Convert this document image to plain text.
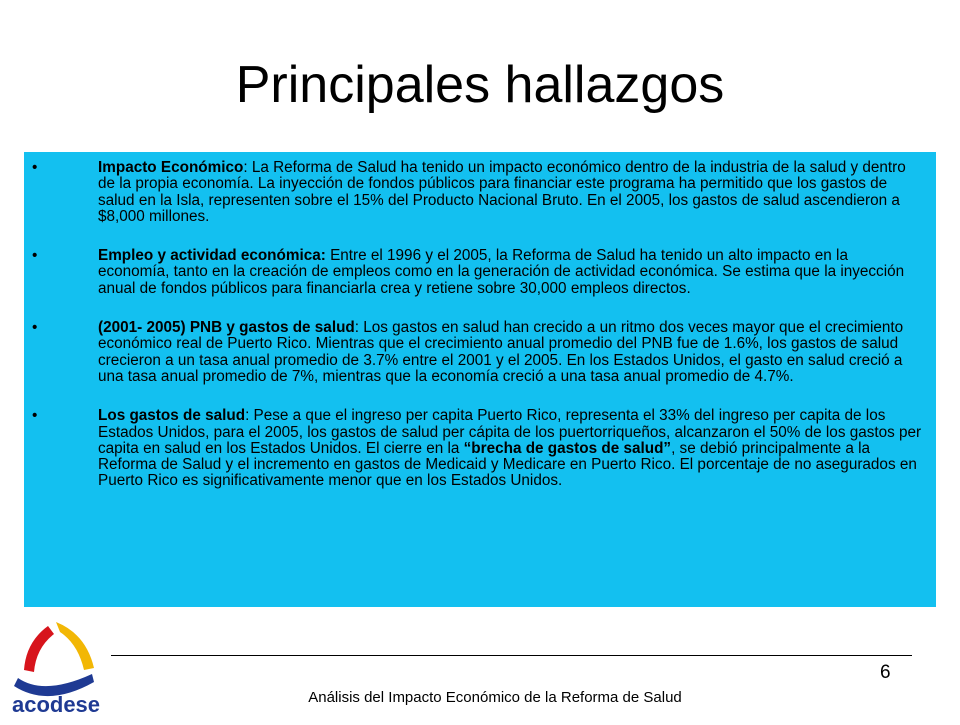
Principales hallazgos
•	Impacto Económico: La Reforma de Salud ha tenido un impacto económico dentro de la industria de la salud y dentro de la propia economía. La inyección de fondos públicos para financiar este programa ha permitido que los gastos de salud en la Isla, representen sobre el 15% del Producto Nacional Bruto. En el 2005, los gastos de salud ascendieron a $8,000 millones.
•	Empleo y actividad económica: Entre el 1996 y el 2005, la Reforma de Salud ha tenido un alto impacto en la economía, tanto en la creación de empleos como en la generación de actividad económica. Se estima que la inyección anual de fondos públicos para financiarla crea y retiene sobre 30,000 empleos directos.
•	(2001- 2005) PNB y gastos de salud: Los gastos en salud han crecido a un ritmo dos veces mayor que el crecimiento económico real de Puerto Rico. Mientras que el crecimiento anual promedio del PNB fue de 1.6%, los gastos de salud crecieron a un tasa anual promedio de 3.7% entre el 2001 y el 2005. En los Estados Unidos, el gasto en salud creció a una tasa anual promedio de 7%, mientras que la economía creció a una tasa anual promedio de 4.7%.
•	Los gastos de salud: Pese a que el ingreso per capita Puerto Rico, representa el 33% del ingreso per capita de los Estados Unidos, para el 2005, los gastos de salud per cápita de los puertorriqueños, alcanzaron el 50% de los gastos per capita en salud en los Estados Unidos. El cierre en la “brecha de gastos de salud”, se debió principalmente a la Reforma de Salud y el incremento en gastos de Medicaid y Medicare en Puerto Rico. El porcentaje de no asegurados en Puerto Rico es significativamente menor que en los Estados Unidos.
acodese
6
Análisis del Impacto Económico de la Reforma de Salud
